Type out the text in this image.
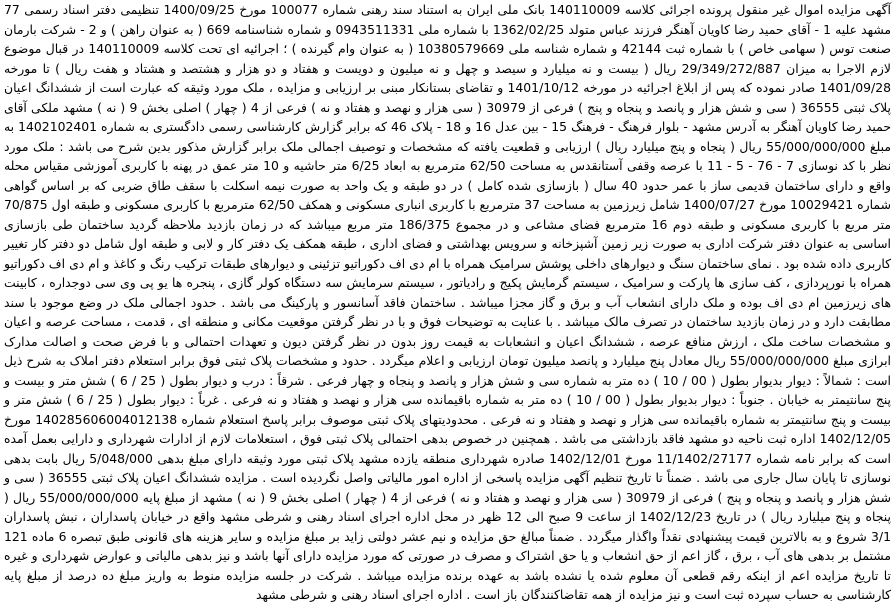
آگهی مزایده اموال غیر منقول پرونده اجرائی کلاسه 140110009 بانک ملی ایران به استناد سند رهنی شماره 100077 مورخ 1400/09/25 تنظیمی دفتر اسناد رسمی 77 مشهد علیه 1 - آقای حمید رضا کاویان آهنگر فرزند عباس متولد 1362/02/25 با شماره ملی 0943511331 و شماره شناسنامه 669 ( به عنوان راهن ) و 2 - شرکت بارمان صنعت توس ( سهامی خاص ) با شماره ثبت 42144 و شماره شناسه ملی 10380579669 ( به عنوان وام گیرنده ) ؛ اجرائیه ای تحت کلاسه 140110009 در قبال موضوع لازم الاجرا به میزان 29/349/272/887 ریال ( بیست و نه میلیارد و سیصد و چهل و نه میلیون و دویست و هفتاد و دو هزار و هشتصد و هشتاد و هفت ریال ) تا مورخه 1401/09/28 صادر نموده که پس از ابلاغ اجرائیه در مورخه 1401/10/12 و تقاضای بستانکار مبنی بر ارزیابی و مزایده ، ملک مورد وثیقه که عبارت است از ششدانگ اعیان پلاک ثبتی 36555 ( سی و شش هزار و پانصد و پنجاه و پنج ) فرعی از 30979 ( سی هزار و نهصد و هفتاد و نه ) فرعی از 4 ( چهار ) اصلی بخش 9 ( نه ) مشهد ملکی آقای حمید رضا کاویان آهنگر به آدرس مشهد - بلوار فرهنگ - فرهنگ 15 - بین عدل 16 و 18 - پلاک 46 که برابر گزارش کارشناسی رسمی دادگستری به شماره 1402102401 به مبلغ 55/000/000/000 ریال ( پنجاه و پنج میلیارد ریال ) ارزیابی و قطعیت یافته که مشخصات و توصیف اجمالی ملک برابر گزارش مذکور بدین شرح می باشد : ملک مورد نظر با کد نوسازی 7 - 76 - 5 - 11 با عرصه وقفی آستانقدس به مساحت 62/50 مترمربع به ابعاد 6/25 متر حاشیه و 10 متر عمق در پهنه با کاربری آموزشی مقیاس محله واقع و دارای ساختمان قدیمی ساز با عمر حدود 40 سال ( بازسازی شده کامل ) در دو طبقه و یک واحد به صورت نیمه اسکلت با سقف طاق ضربی که بر اساس گواهی شماره 10029421 مورخ 1400/07/27 شامل زیرزمین به مساحت 37 مترمربع با کاربری انباری مسکونی و همکف 62/50 مترمربع با کاربری مسکونی و طبقه اول 70/875 متر مربع با کاربری مسکونی و طبقه دوم 16 مترمربع فضای مشاعی و در مجموع 186/375 متر مربع میباشد که در زمان بازدید ملاحظه گردید ساختمان طی بازسازی اساسی به عنوان دفتر شرکت اداری به صورت زیر زمین آشپزخانه و سرویس بهداشتی و فضای اداری ، طبقه همکف یک دفتر کار و لابی و طبقه اول شامل دو دفتر کار تغییر کاربری داده شده بود . نمای ساختمان سنگ و دیوارهای داخلی پوشش سرامیک همراه با ام دی اف دکوراتیو تزئینی و دیوارهای طبقات ترکیب رنگ و کاغذ و ام دی اف دکوراتیو همراه با نورپردازی ، کف سازی ها پارکت و سرامیک ، سیستم گرمایش پکیج و رادیاتور ، سیستم سرمایش سه دستگاه کولر گازی ، پنجره ها یو پی وی سی دوجداره ، کابینت های زیرزمین ام دی اف بوده و ملک دارای انشعاب آب و برق و گاز مجزا میباشد . ساختمان فاقد آسانسور و پارکینگ می باشد . حدود اجمالی ملک در وضع موجود با سند مطابقت دارد و در زمان بازدید ساختمان در تصرف مالک میباشد . با عنایت به توضیحات فوق و با در نظر گرفتن موقعیت مکانی و منطقه ای ، قدمت ، مساحت عرصه و اعیان و مشخصات ساخت ملک ، ارزش منافع عرصه ، ششدانگ اعیان و انشعابات به قیمت روز بدون در نظر گرفتن دیون و تعهدات احتمالی و با فرض صحت و اصالت مدارک ابرازی مبلغ 55/000/000/000 ریال معادل پنج میلیارد و پانصد میلیون تومان ارزیابی و اعلام میگردد . حدود و مشخصات پلاک ثبتی فوق برابر استعلام دفتر املاک به شرح ذیل است : شمالاً : دیوار بدیوار بطول ( 00 / 10 ) ده متر به شماره سی و شش هزار و پانصد و پنجاه و چهار فرعی . شرقاً : درب و دیوار بطول ( 25 / 6 ) شش متر و بیست و پنج سانتیمتر به خیابان . جنوباً : دیوار بدیوار بطول ( 00 / 10 ) ده متر به شماره باقیمانده سی هزار و نهصد و هفتاد و نه فرعی . غرباً : دیوار بطول ( 25 / 6 ) شش متر و بیست و پنج سانتیمتر به شماره باقیمانده سی هزار و نهصد و هفتاد و نه فرعی . محدودیتهای پلاک ثبتی موصوف برابر پاسخ استعلام شماره 140285606004012138 مورخ 1402/12/05 اداره ثبت ناحیه دو مشهد فاقد بازداشتی می باشد . همچنین در خصوص بدهی احتمالی پلاک ثبتی فوق ، استعلامات لازم از ادارات شهرداری و دارایی بعمل آمده است که برابر نامه شماره 11/1402/27177 مورخ 1402/12/01 صادره شهرداری منطقه یازده مشهد پلاک ثبتی مورد وثیقه دارای مبلغ بدهی 5/048/000 ریال بابت بدهی نوسازی تا پایان سال جاری می باشد . ضمناً تا تاریخ تنظیم آگهی مزایده پاسخی از اداره امور مالیاتی واصل نگردیده است . مزایده ششدانگ اعیان پلاک ثبتی 36555 ( سی و شش هزار و پانصد و پنجاه و پنج ) فرعی از 30979 ( سی هزار و نهصد و هفتاد و نه ) فرعی از 4 ( چهار ) اصلی بخش 9 ( نه ) مشهد از مبلغ پایه 55/000/000/000 ریال ( پنجاه و پنج میلیارد ریال ) در تاریخ 1402/12/23 از ساعت 9 صبح الی 12 ظهر در محل اداره اجرای اسناد رهنی و شرطی مشهد واقع در خیابان پاسداران ، نبش پاسداران 3/1 شروع و به بالاترین قیمت پیشنهادی نقداً واگذار میگردد . ضمناً مبالغ حق مزایده و نیم عشر دولتی زاید بر مبلغ مزایده و سایر هزینه های قانونی طبق تبصره 6 ماده 121 مشتمل بر بدهی های آب ، برق ، گاز اعم از حق انشعاب و یا حق اشتراک و مصرف در صورتی که مورد مزایده دارای آنها باشد و نیز بدهی مالیاتی و عوارض شهرداری و غیره تا تاریخ مزایده اعم از اینکه رقم قطعی آن معلوم شده یا نشده باشد به عهده برنده مزایده میباشد . شرکت در جلسه مزایده منوط به واریز مبلغ ده درصد از مبلغ پایه کارشناسی به حساب سپرده ثبت است و نیز مزایده از همه تقاضاکنندگان باز است . اداره اجرای اسناد رهنی و شرطی مشهد
